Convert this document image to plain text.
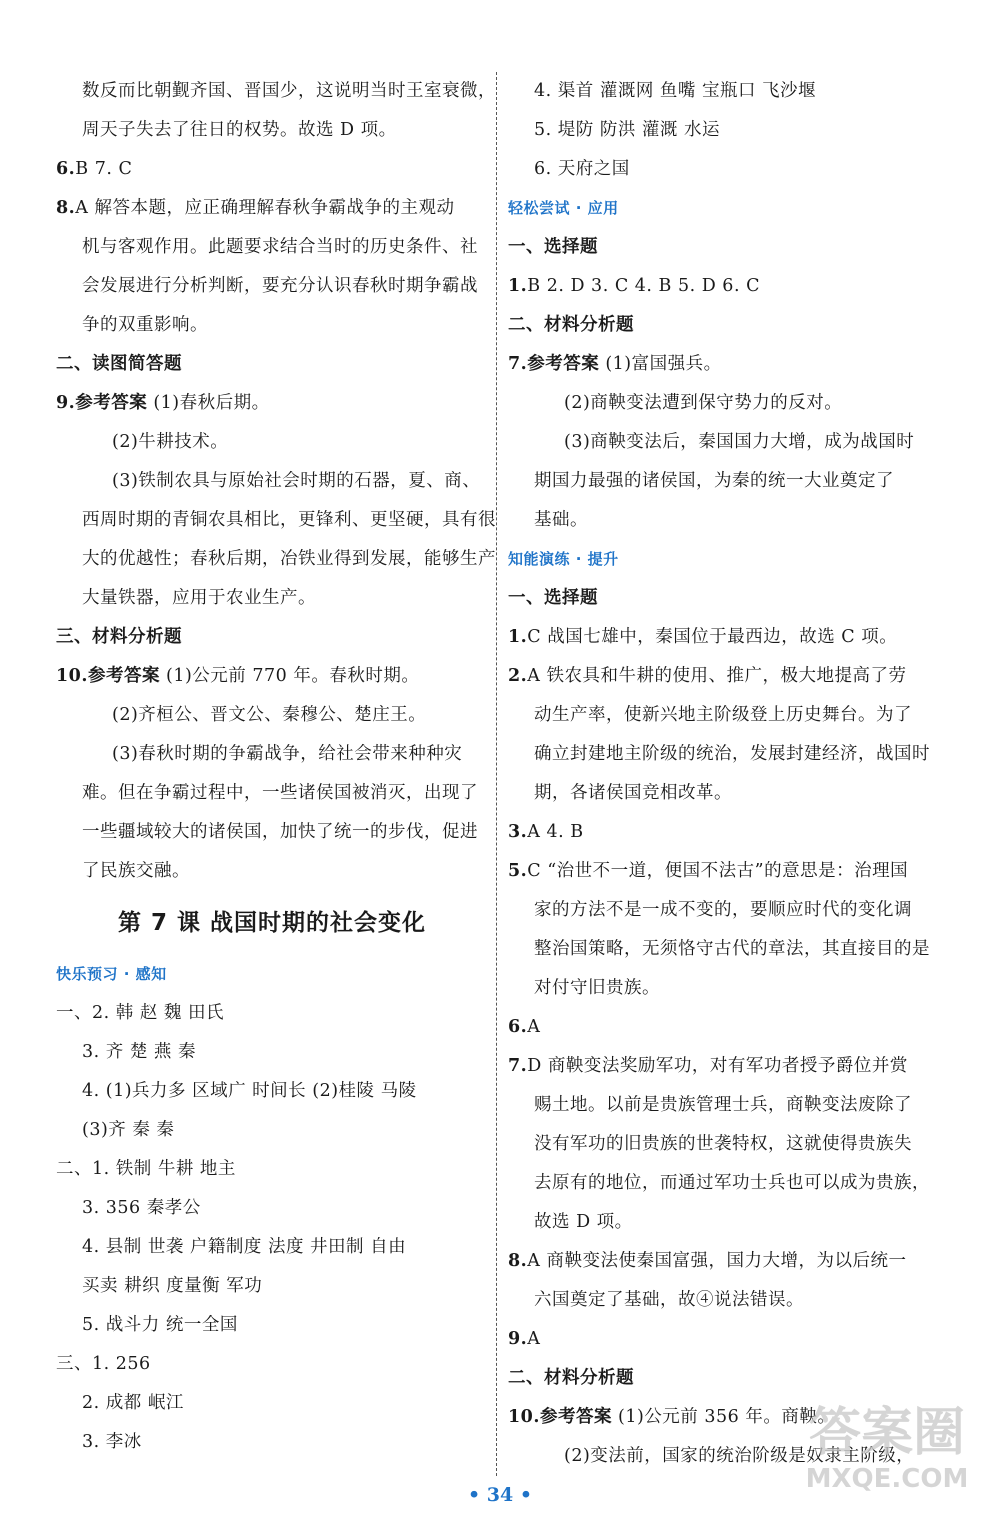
数反而比朝觐齐国、晋国少，这说明当时王室衰微，
周天子失去了往日的权势。故选 D 项。
6.B 7. C
8.A 解答本题，应正确理解春秋争霸战争的主观动
机与客观作用。此题要求结合当时的历史条件、社
会发展进行分析判断，要充分认识春秋时期争霸战
争的双重影响。
二、读图简答题
9.参考答案 (1)春秋后期。
(2)牛耕技术。
(3)铁制农具与原始社会时期的石器，夏、商、
西周时期的青铜农具相比，更锋利、更坚硬，具有很
大的优越性；春秋后期，冶铁业得到发展，能够生产
大量铁器，应用于农业生产。
三、材料分析题
10.参考答案 (1)公元前 770 年。春秋时期。
(2)齐桓公、晋文公、秦穆公、楚庄王。
(3)春秋时期的争霸战争，给社会带来种种灾
难。但在争霸过程中，一些诸侯国被消灭，出现了
一些疆域较大的诸侯国，加快了统一的步伐，促进
了民族交融。
第 7 课 战国时期的社会变化
快乐预习 · 感知
一、2. 韩 赵 魏 田氏
3. 齐 楚 燕 秦
4. (1)兵力多 区域广 时间长 (2)桂陵 马陵
(3)齐 秦 秦
二、1. 铁制 牛耕 地主
3. 356 秦孝公
4. 县制 世袭 户籍制度 法度 井田制 自由
买卖 耕织 度量衡 军功
5. 战斗力 统一全国
三、1. 256
2. 成都 岷江
3. 李冰
4. 渠首 灌溉网 鱼嘴 宝瓶口 飞沙堰
5. 堤防 防洪 灌溉 水运
6. 天府之国
轻松尝试 · 应用
一、选择题
1.B 2. D 3. C 4. B 5. D 6. C
二、材料分析题
7.参考答案 (1)富国强兵。
(2)商鞅变法遭到保守势力的反对。
(3)商鞅变法后，秦国国力大增，成为战国时
期国力最强的诸侯国，为秦的统一大业奠定了
基础。
知能演练 · 提升
一、选择题
1.C 战国七雄中，秦国位于最西边，故选 C 项。
2.A 铁农具和牛耕的使用、推广，极大地提高了劳
动生产率，使新兴地主阶级登上历史舞台。为了
确立封建地主阶级的统治，发展封建经济，战国时
期，各诸侯国竞相改革。
3.A 4. B
5.C “治世不一道，便国不法古”的意思是：治理国
家的方法不是一成不变的，要顺应时代的变化调
整治国策略，无须恪守古代的章法，其直接目的是
对付守旧贵族。
6.A
7.D 商鞅变法奖励军功，对有军功者授予爵位并赏
赐土地。以前是贵族管理士兵，商鞅变法废除了
没有军功的旧贵族的世袭特权，这就使得贵族失
去原有的地位，而通过军功士兵也可以成为贵族，
故选 D 项。
8.A 商鞅变法使秦国富强，国力大增，为以后统一
六国奠定了基础，故④说法错误。
9.A
二、材料分析题
10.参考答案 (1)公元前 356 年。商鞅。
(2)变法前，国家的统治阶级是奴隶主阶级，
• 34 •
答案圈
MXQE.COM
